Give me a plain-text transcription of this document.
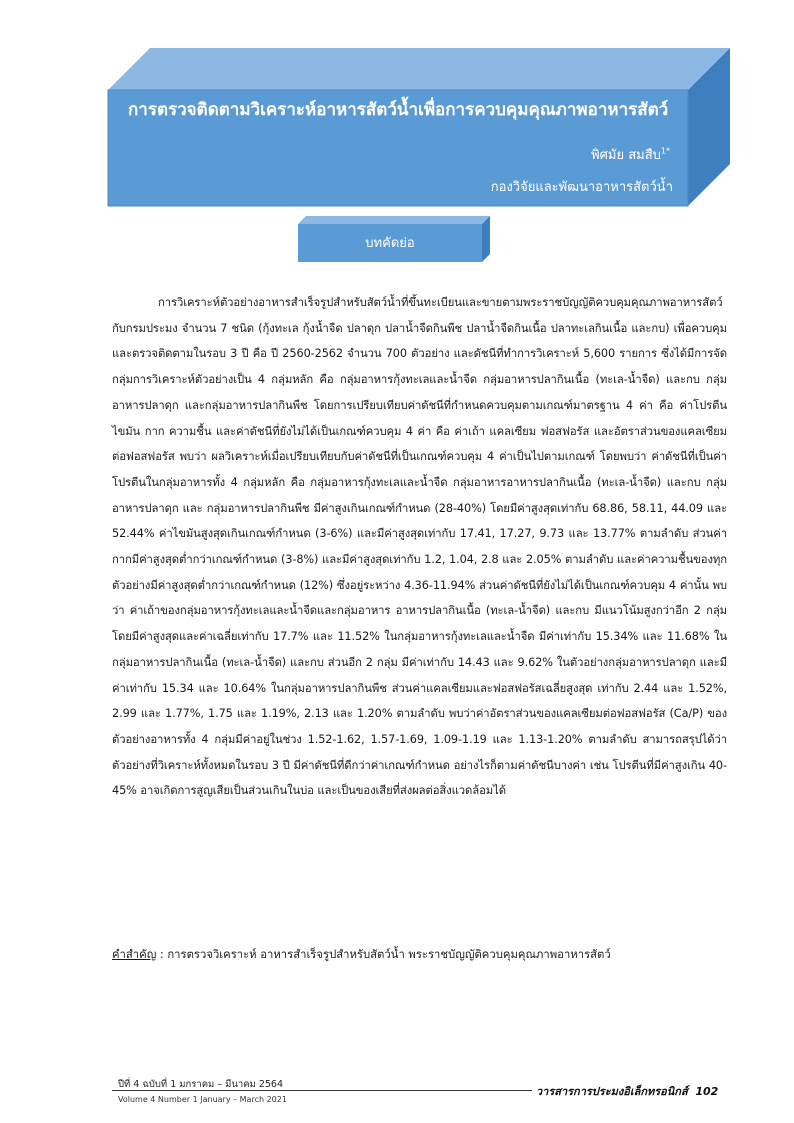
การตรวจติดตามวิเคราะห์อาหารสัตว์น้ำเพื่อการควบคุมคุณภาพอาหารสัตว์
พิศมัย สมสืบ$^{1*}$
กองวิจัยและพัฒนาอาหารสัตว์น้ำ
บทคัดย่อ

การวิเคราะห์ตัวอย่างอาหารสำเร็จรูปสำหรับสัตว์น้ำที่ขึ้นทะเบียนและขายตามพระราชบัญญัติควบคุมคุณภาพอาหารสัตว์กับกรมประมง จำนวน 7 ชนิด (กุ้งทะเล กุ้งน้ำจืด ปลาดุก ปลาน้ำจืดกินพืช ปลาน้ำจืดกินเนื้อ ปลาทะเลกินเนื้อ และกบ) เพื่อควบคุมและตรวจติดตามในรอบ 3 ปี คือ ปี 2560-2562 จำนวน 700 ตัวอย่าง และดัชนีที่ทำการวิเคราะห์ 5,600 รายการ ซึ่งได้มีการจัดกลุ่มการวิเคราะห์ตัวอย่างเป็น 4 กลุ่มหลัก คือ กลุ่มอาหารกุ้งทะเลและน้ำจืด กลุ่มอาหารปลากินเนื้อ (ทะเล-น้ำจืด) และกบ กลุ่มอาหารปลาดุก และกลุ่มอาหารปลากินพืช โดยการเปรียบเทียบค่าดัชนีที่กำหนดควบคุมตามเกณฑ์มาตรฐาน 4 ค่า คือ ค่าโปรตีน ไขมัน กาก ความชื้น และค่าดัชนีที่ยังไม่ได้เป็นเกณฑ์ควบคุม 4 ค่า คือ ค่าเถ้า แคลเซียม ฟอสฟอรัส และอัตราส่วนของแคลเซียมต่อฟอสฟอรัส พบว่า ผลวิเคราะห์เมื่อเปรียบเทียบกับค่าดัชนีที่เป็นเกณฑ์ควบคุม 4 ค่าเป็นไปตามเกณฑ์ โดยพบว่า ค่าดัชนีที่เป็นค่าโปรตีนในกลุ่มอาหารทั้ง 4 กลุ่มหลัก คือ กลุ่มอาหารกุ้งทะเลและน้ำจืด กลุ่มอาหารอาหารปลากินเนื้อ (ทะเล-น้ำจืด) และกบ กลุ่มอาหารปลาดุก และ กลุ่มอาหารปลากินพืช มีค่าสูงเกินเกณฑ์กำหนด (28-40%) โดยมีค่าสูงสุดเท่ากับ 68.86, 58.11, 44.09 และ 52.44% ค่าไขมันสูงสุดเกินเกณฑ์กำหนด (3-6%) และมีค่าสูงสุดเท่ากับ 17.41, 17.27, 9.73 และ 13.77% ตามลำดับ ส่วนค่ากากมีค่าสูงสุดต่ำกว่าเกณฑ์กำหนด (3-8%) และมีค่าสูงสุดเท่ากับ 1.2, 1.04, 2.8 และ 2.05% ตามลำดับ และค่าความชื้นของทุกตัวอย่างมีค่าสูงสุดต่ำกว่าเกณฑ์กำหนด (12%) ซึ่งอยู่ระหว่าง 4.36-11.94% ส่วนค่าดัชนีที่ยังไม่ได้เป็นเกณฑ์ควบคุม 4 ค่านั้น พบว่า ค่าเถ้าของกลุ่มอาหารกุ้งทะเลและน้ำจืดและกลุ่มอาหาร อาหารปลากินเนื้อ (ทะเล-น้ำจืด) และกบ มีแนวโน้มสูงกว่าอีก 2 กลุ่ม โดยมีค่าสูงสุดและค่าเฉลี่ยเท่ากับ 17.7% และ 11.52% ในกลุ่มอาหารกุ้งทะเลและน้ำจืด มีค่าเท่ากับ 15.34% และ 11.68% ในกลุ่มอาหารปลากินเนื้อ (ทะเล-น้ำจืด) และกบ ส่วนอีก 2 กลุ่ม มีค่าเท่ากับ 14.43 และ 9.62% ในตัวอย่างกลุ่มอาหารปลาดุก และมีค่าเท่ากับ 15.34 และ 10.64% ในกลุ่มอาหารปลากินพืช ส่วนค่าแคลเซียมและฟอสฟอรัสเฉลี่ยสูงสุด เท่ากับ 2.44 และ 1.52%, 2.99 และ 1.77%, 1.75 และ 1.19%, 2.13 และ 1.20% ตามลำดับ พบว่าค่าอัตราส่วนของแคลเซียมต่อฟอสฟอรัส (Ca/P) ของตัวอย่างอาหารทั้ง 4 กลุ่มมีค่าอยู่ในช่วง 1.52-1.62, 1.57-1.69, 1.09-1.19 และ 1.13-1.20% ตามลำดับ สามารถสรุปได้ว่าตัวอย่างที่วิเคราะห์ทั้งหมดในรอบ 3 ปี มีค่าดัชนีที่ดีกว่าค่าเกณฑ์กำหนด อย่างไรก็ตามค่าดัชนีบางค่า เช่น โปรตีนที่มีค่าสูงเกิน 40-45% อาจเกิดการสูญเสียเป็นส่วนเกินในบ่อ และเป็นของเสียที่ส่งผลต่อสิ่งแวดล้อมได้

คำสำคัญ : การตรวจวิเคราะห์ อาหารสำเร็จรูปสำหรับสัตว์น้ำ พระราชบัญญัติควบคุมคุณภาพอาหารสัตว์
ปีที่ 4 ฉบับที่ 1 มกราคม – มีนาคม 2564
Volume 4 Number 1 January – March 2021
วารสารการประมงอิเล็กทรอนิกส์ 102
